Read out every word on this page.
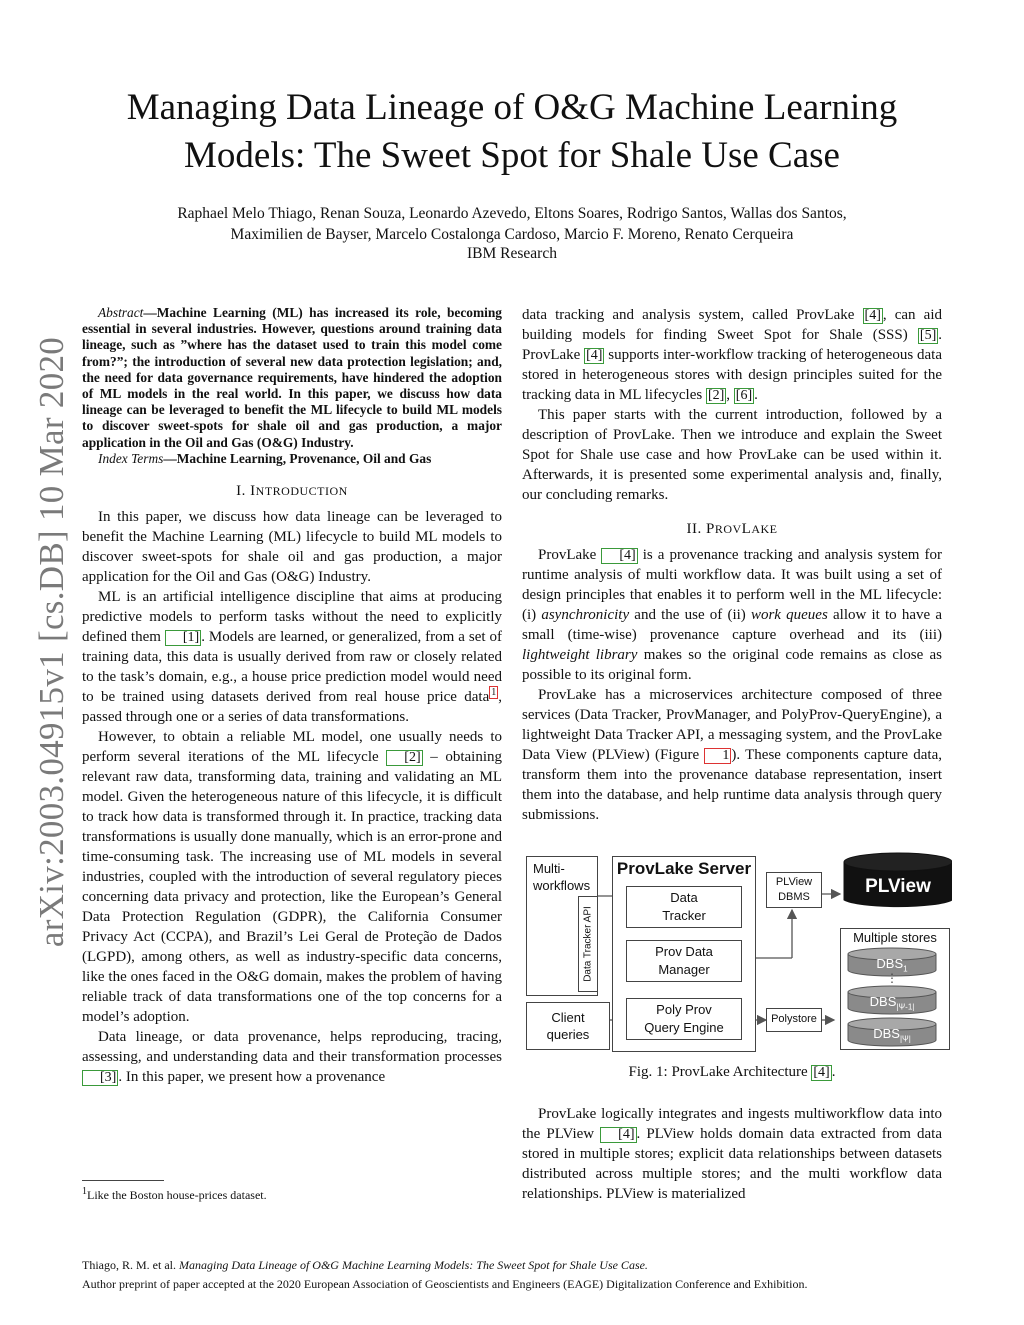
Managing Data Lineage of O&G Machine Learning
Models: The Sweet Spot for Shale Use Case
Raphael Melo Thiago, Renan Souza, Leonardo Azevedo, Eltons Soares, Rodrigo Santos, Wallas dos Santos,
Maximilien de Bayser, Marcelo Costalonga Cardoso, Marcio F. Moreno, Renato Cerqueira
IBM Research
arXiv:2003.04915v1 [cs.DB] 10 Mar 2020

Abstract—Machine Learning (ML) has increased its role, becoming essential in several industries. However, questions around training data lineage, such as ”where has the dataset used to train this model come from?”; the introduction of several new data protection legislation; and, the need for data governance requirements, have hindered the adoption of ML models in the real world. In this paper, we discuss how data lineage can be leveraged to benefit the ML lifecycle to build ML models to discover sweet-spots for shale oil and gas production, a major application in the Oil and Gas (O&G) Industry.

Index Terms—Machine Learning, Provenance, Oil and Gas

I. INTRODUCTION

In this paper, we discuss how data lineage can be leveraged to benefit the Machine Learning (ML) lifecycle to build ML models to discover sweet-spots for shale oil and gas production, a major application for the Oil and Gas (O&G) Industry.

ML is an artificial intelligence discipline that aims at producing predictive models to perform tasks without the need to explicitly defined them [1] . Models are learned, or generalized, from a set of training data, this data is usually derived from raw or closely related to the task’s domain, e.g., a house price prediction model would need to be trained using datasets derived from real house price data $^1$ , passed through one or a series of data transformations.

However, to obtain a reliable ML model, one usually needs to perform several iterations of the ML lifecycle [2] – obtaining relevant raw data, transforming data, training and validating an ML model. Given the heterogeneous nature of this lifecycle, it is difficult to track how data is transformed through it. In practice, tracking data transformations is usually done manually, which is an error-prone and time-consuming task. The increasing use of ML models in several industries, coupled with the introduction of several regulatory pieces concerning data privacy and protection, like the European’s General Data Protection Regulation (GDPR), the California Consumer Privacy Act (CCPA), and Brazil’s Lei Geral de Proteção de Dados (LGPD), among others, as well as industry-specific data concerns, like the ones faced in the O&G domain, makes the problem of having reliable track of data transformations one of the top concerns for a model’s adoption.

Data lineage, or data provenance, helps reproducing, tracing, assessing, and understanding data and their transformation processes [3] . In this paper, we present how a provenance

$^1$Like the Boston house-prices dataset.

data tracking and analysis system, called ProvLake [4] , can aid building models for finding Sweet Spot for Shale (SSS) [5] . ProvLake [4] supports inter-workflow tracking of heterogeneous data stored in heterogeneous stores with design principles suited for the tracking data in ML lifecycles [2] , [6] .

This paper starts with the current introduction, followed by a description of ProvLake. Then we introduce and explain the Sweet Spot for Shale use case and how ProvLake can be used within it. Afterwards, it is presented some experimental analysis and, finally, our concluding remarks.

II. PROVLAKE

ProvLake [4] is a provenance tracking and analysis system for runtime analysis of multi workflow data. It was built using a set of design principles that enables it to perform well in the ML lifecycle: (i) asynchronicity and the use of (ii) work queues allow it to have a small (time-wise) provenance capture overhead and its (iii) lightweight library makes so the original code remains as close as possible to its original form.

ProvLake has a microservices architecture composed of three services (Data Tracker, ProvManager, and PolyProv-QueryEngine), a lightweight Data Tracker API, a messaging system, and the ProvLake Data View (PLView) (Figure 1 ). These components capture data, transform them into the provenance database representation, insert them into the database, and help runtime data analysis through query submissions.

Multi-
workflows
Data Tracker API
Client
queries
ProvLake Server
Data
Tracker
Prov Data
Manager
Poly Prov
Query Engine
PLView
DBMS	PLView
Multiple stores
$DBS_1$
⋮
$DBS_{|\Psi-1|}$
$DBS_{|\Psi|}$
Polystore
Fig. 1: ProvLake Architecture [4] .

ProvLake logically integrates and ingests multiworkflow data into the PLView [4] . PLView holds domain data extracted from data stored in multiple stores; explicit data relationships between datasets distributed across multiple stores; and the multi workflow data relationships. PLView is materialized

Thiago, R. M. et al. Managing Data Lineage of O&G Machine Learning Models: The Sweet Spot for Shale Use Case.
Author preprint of paper accepted at the 2020 European Association of Geoscientists and Engineers (EAGE) Digitalization Conference and Exhibition.
